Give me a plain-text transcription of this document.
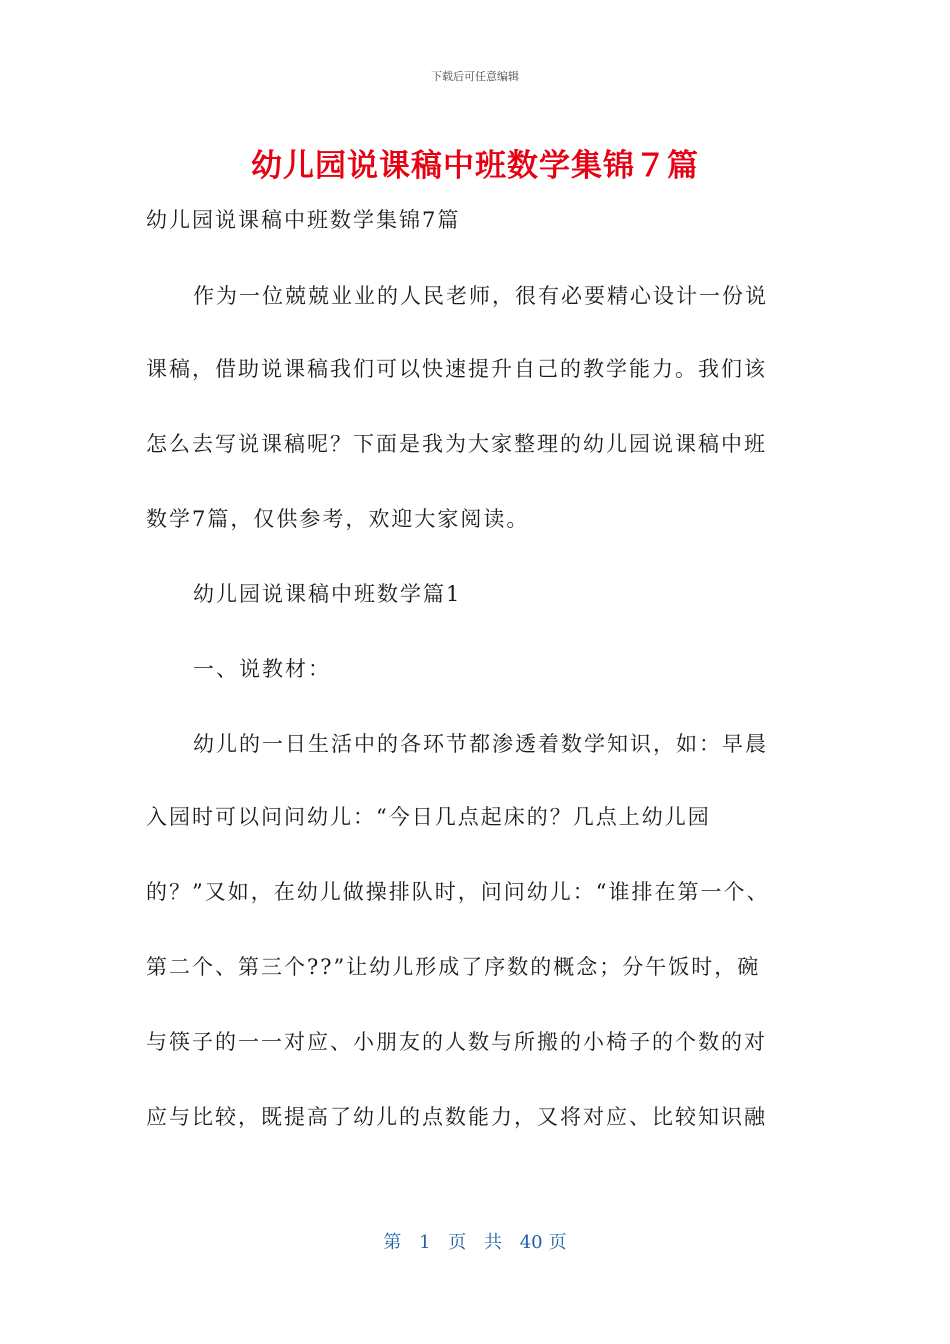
下载后可任意编辑
幼儿园说课稿中班数学集锦７篇
幼儿园说课稿中班数学集锦7篇
作为一位兢兢业业的人民老师，很有必要精心设计一份说
课稿，借助说课稿我们可以快速提升自己的教学能力。我们该
怎么去写说课稿呢？下面是我为大家整理的幼儿园说课稿中班
数学7篇，仅供参考，欢迎大家阅读。
幼儿园说课稿中班数学篇1
一、说教材：
幼儿的一日生活中的各环节都渗透着数学知识，如：早晨
入园时可以问问幼儿：“今日几点起床的？几点上幼儿园
的？”又如，在幼儿做操排队时，问问幼儿：“谁排在第一个、
第二个、第三个??”让幼儿形成了序数的概念；分午饭时，碗
与筷子的一一对应、小朋友的人数与所搬的小椅子的个数的对
应与比较，既提高了幼儿的点数能力，又将对应、比较知识融
第 1 页 共 40 页
